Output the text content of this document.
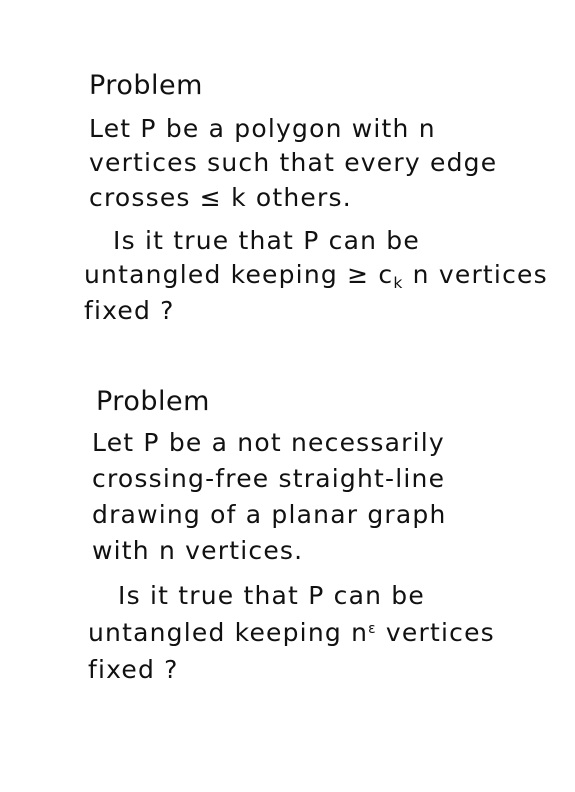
Problem
Let P be a polygon with n
vertices such that every edge
crosses ≤ k others.
Is it true that P can be
untangled keeping ≥ $c_k$ n vertices
fixed ?
Problem
Let P be a not necessarily
crossing-free straight-line
drawing of a planar graph
with n vertices.
Is it true that P can be
untangled keeping $n^\varepsilon$ vertices
fixed ?
